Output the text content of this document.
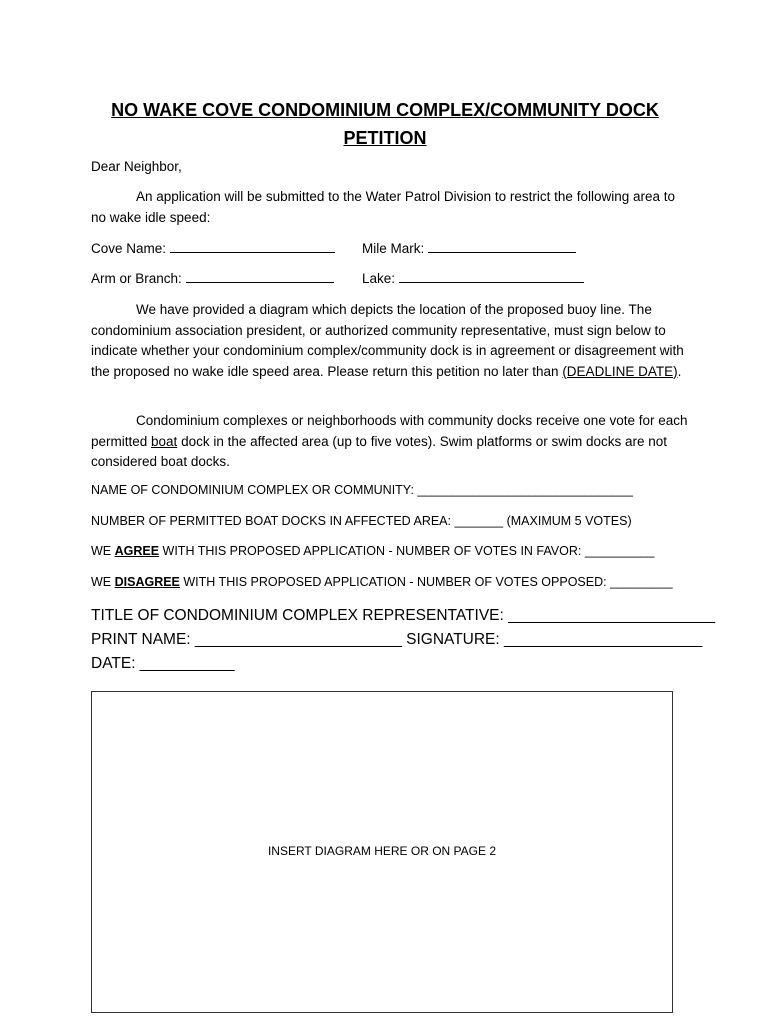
NO WAKE COVE CONDOMINIUM COMPLEX/COMMUNITY DOCK
PETITION
Dear Neighbor,
An application will be submitted to the Water Patrol Division to restrict the following area to no wake idle speed:
Cove Name:	Mile Mark:
Arm or Branch:	Lake:
We have provided a diagram which depicts the location of the proposed buoy line. The condominium association president, or authorized community representative, must sign below to indicate whether your condominium complex/community dock is in agreement or disagreement with the proposed no wake idle speed area. Please return this petition no later than (DEADLINE DATE).
Condominium complexes or neighborhoods with community docks receive one vote for each permitted boat dock in the affected area (up to five votes). Swim platforms or swim docks are not considered boat docks.
NAME OF CONDOMINIUM COMPLEX OR COMMUNITY: _______________________________
NUMBER OF PERMITTED BOAT DOCKS IN AFFECTED AREA: _______ (MAXIMUM 5 VOTES)
WE AGREE WITH THIS PROPOSED APPLICATION - NUMBER OF VOTES IN FAVOR: __________
WE DISAGREE WITH THIS PROPOSED APPLICATION - NUMBER OF VOTES OPPOSED: _________
TITLE OF CONDOMINIUM COMPLEX REPRESENTATIVE: ________________________
PRINT NAME: ________________________ SIGNATURE: _______________________
DATE: ___________
INSERT DIAGRAM HERE OR ON PAGE 2
